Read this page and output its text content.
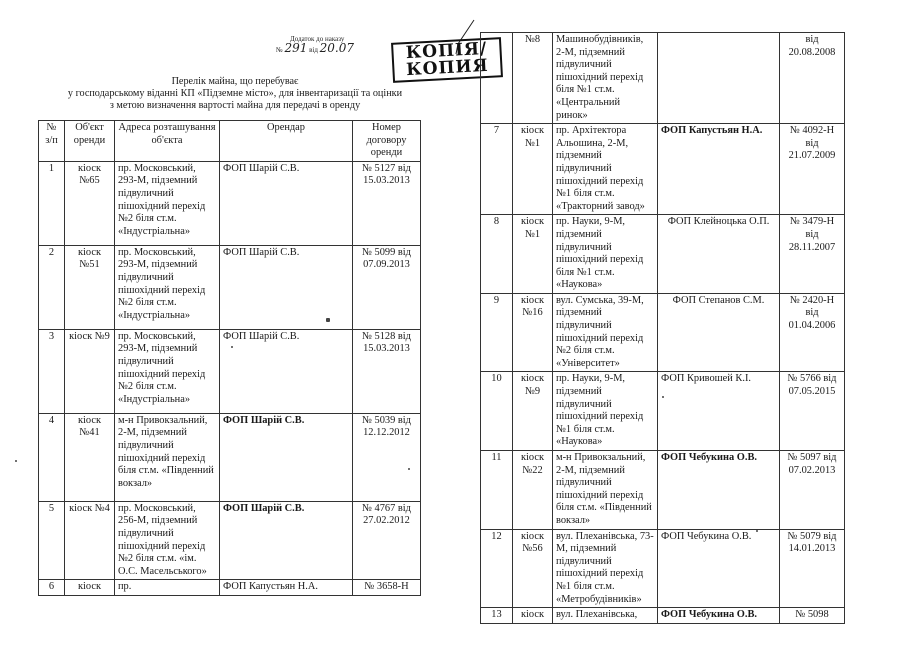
Додаток до наказу
№ 291 від 20.07	КОПІЯ/
КОПИЯ
Перелік майна, що перебуває
у господарському віданні КП «Підземне місто», для інвентаризації та оцінки
з метою визначення вартості майна для передачі в оренду
№ з/п	Об'єкт оренди	Адреса розташування об'єкта	Орендар	Номер договору оренди
1	кіоск №65	пр. Московський, 293-М, підземний підвуличний пішохідний перехід №2 біля ст.м. «Індустріальна»	ФОП Шарій С.В.	№ 5127 від 15.03.2013
2	кіоск №51	пр. Московський, 293-М, підземний підвуличний пішохідний перехід №2 біля ст.м. «Індустріальна»	ФОП Шарій С.В.	№ 5099 від 07.09.2013
3	кіоск №9	пр. Московський, 293-М, підземний підвуличний пішохідний перехід №2 біля ст.м. «Індустріальна»	ФОП Шарій С.В.	№ 5128 від 15.03.2013
4	кіоск №41	м-н Привокзальний, 2-М, підземний підвуличний пішохідний перехід біля ст.м. «Південний вокзал»	ФОП Шарій С.В.	№ 5039 від 12.12.2012
5	кіоск №4	пр. Московський, 256-М, підземний підвуличний пішохідний перехід №2 біля ст.м. «ім. О.С. Масельського»	ФОП Шарій С.В.	№ 4767 від 27.02.2012
6	кіоск	пр.	ФОП Капустьян Н.А.	№ 3658-Н
	№8	Машинобудівників, 2-М, підземний підвуличний пішохідний перехід біля №1 ст.м. «Центральний ринок»		від 20.08.2008
7	кіоск №1	пр. Архітектора Альошина, 2-М, підземний підвуличний пішохідний перехід №1 біля ст.м. «Тракторний завод»	ФОП Капустьян Н.А.	№ 4092-Н від 21.07.2009
8	кіоск №1	пр. Науки, 9-М, підземний підвуличний пішохідний перехід біля №1 ст.м. «Наукова»	ФОП Клейноцька О.П.	№ 3479-Н від 28.11.2007
9	кіоск №16	вул. Сумська, 39-М, підземний підвуличний пішохідний перехід №2 біля ст.м. «Університет»	ФОП Степанов С.М.	№ 2420-Н від 01.04.2006
10	кіоск №9	пр. Науки, 9-М, підземний підвуличний пішохідний перехід №1 біля ст.м. «Наукова»	ФОП Кривошей К.І.	№ 5766 від 07.05.2015
11	кіоск №22	м-н Привокзальний, 2-М, підземний підвуличний пішохідний перехід біля ст.м. «Південний вокзал»	ФОП Чебукина О.В.	№ 5097 від 07.02.2013
12	кіоск №56	вул. Плеханівська, 73-М, підземний підвуличний пішохідний перехід №1 біля ст.м. «Метробудівників»	ФОП Чебукина О.В.	№ 5079 від 14.01.2013
13	кіоск	вул. Плеханівська,	ФОП Чебукина О.В.	№ 5098
